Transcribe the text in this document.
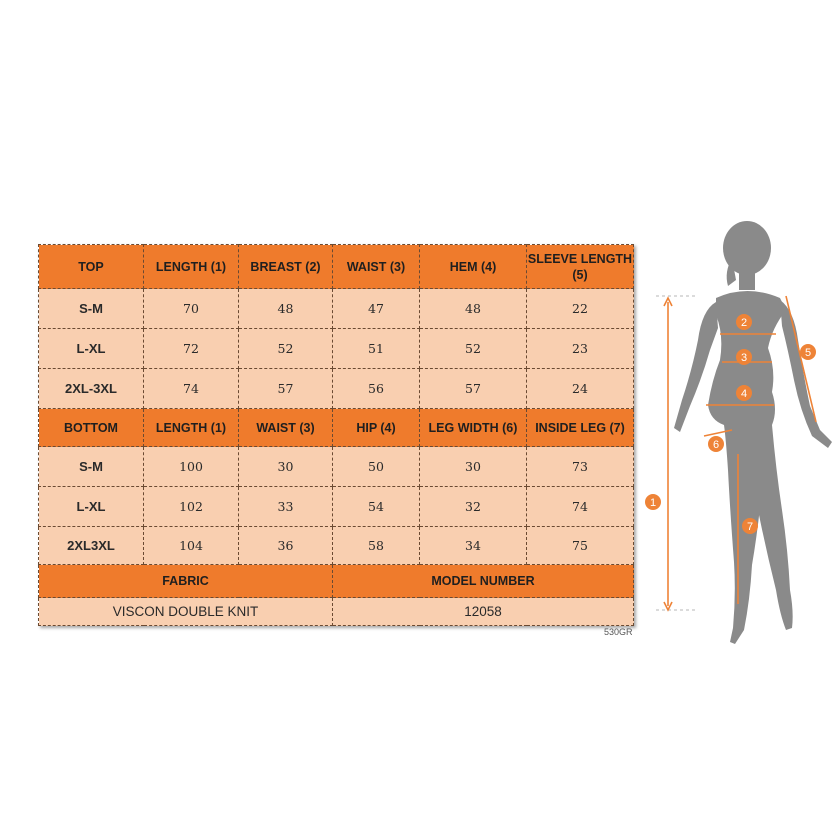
TOP	LENGTH (1)	BREAST (2)	WAIST (3)	HEM (4)	SLEEVE LENGTH (5)
S-M	70	48	47	48	22
L-XL	72	52	51	52	23
2XL-3XL	74	57	56	57	24
BOTTOM	LENGTH (1)	WAIST (3)	HIP (4)	LEG WIDTH (6)	INSIDE LEG (7)
S-M	100	30	50	30	73
L-XL	102	33	54	32	74
2XL3XL	104	36	58	34	75
FABRIC			MODEL NUMBER		
VISCON DOUBLE KNIT			12058		
530GR
1
2
3
4
5
6
7
